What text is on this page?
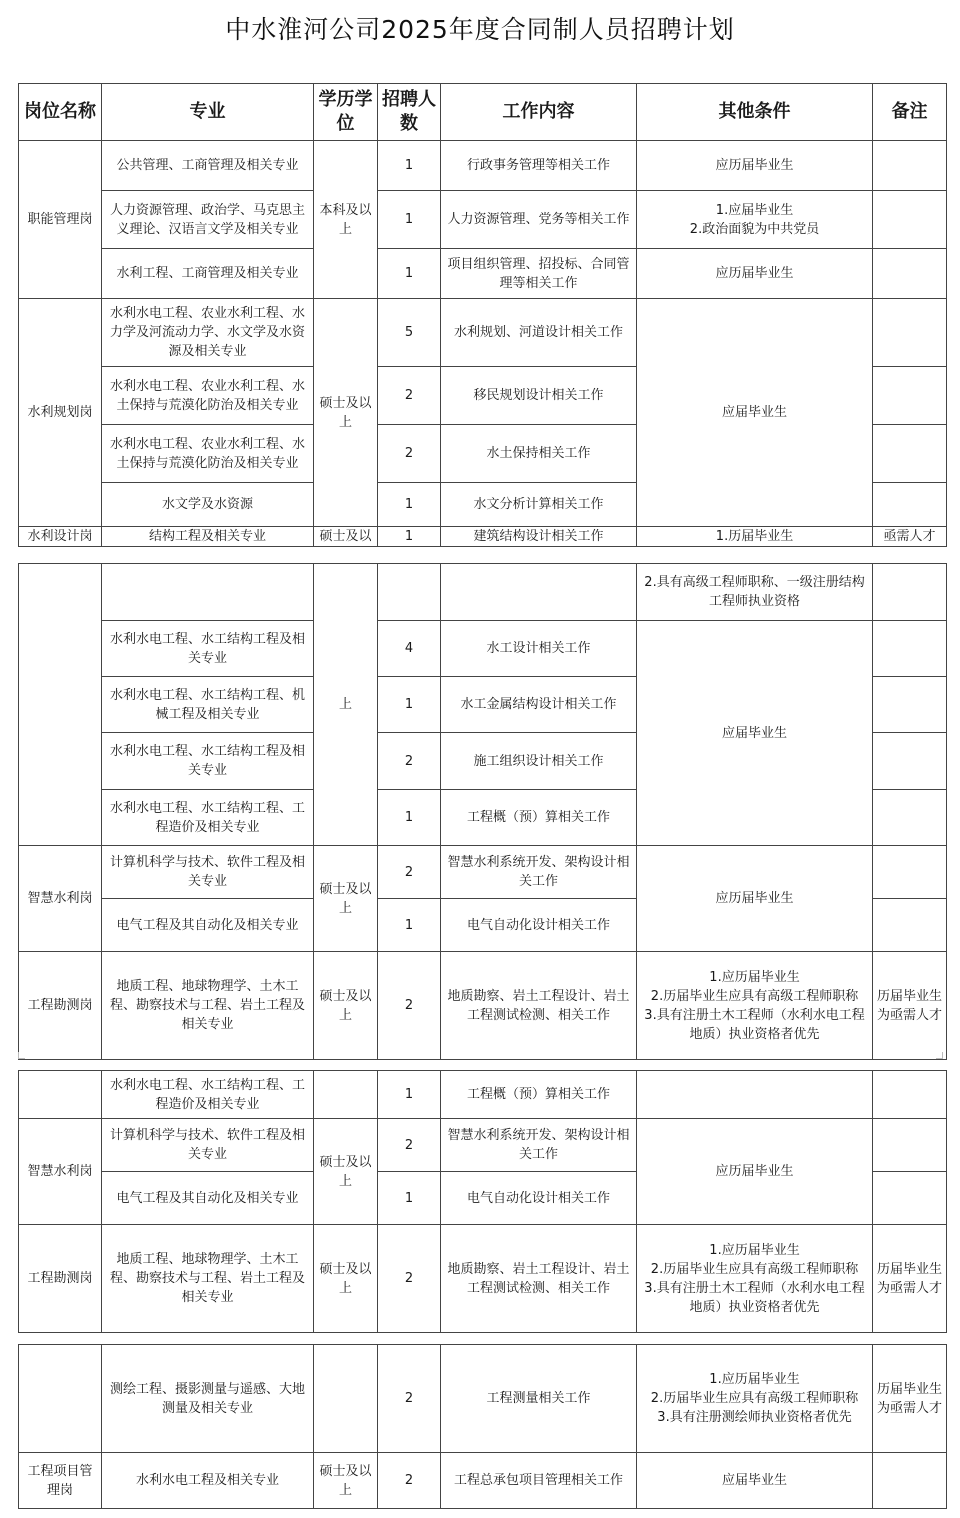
中水淮河公司2025年度合同制人员招聘计划
岗位名称	专业	学历学位	招聘人数	工作内容	其他条件	备注
职能管理岗	公共管理、工商管理及相关专业	本科及以上	1	行政事务管理等相关工作	应历届毕业生	
	人力资源管理、政治学、马克思主义理论、汉语言文学及相关专业		1	人力资源管理、党务等相关工作	1.应届毕业生
2.政治面貌为中共党员	
	水利工程、工商管理及相关专业		1	项目组织管理、招投标、合同管理等相关工作	应历届毕业生	
水利规划岗	水利水电工程、农业水利工程、水力学及河流动力学、水文学及水资源及相关专业	硕士及以上	5	水利规划、河道设计相关工作	应届毕业生	
	水利水电工程、农业水利工程、水土保持与荒漠化防治及相关专业		2	移民规划设计相关工作		
	水利水电工程、农业水利工程、水土保持与荒漠化防治及相关专业		2	水土保持相关工作		
	水文学及水资源		1	水文分析计算相关工作		
水利设计岗	结构工程及相关专业	硕士及以	1	建筑结构设计相关工作	1.历届毕业生	亟需人才
		上			2.具有高级工程师职称、一级注册结构工程师执业资格	
	水利水电工程、水工结构工程及相关专业		4	水工设计相关工作	应届毕业生	
	水利水电工程、水工结构工程、机械工程及相关专业		1	水工金属结构设计相关工作		
	水利水电工程、水工结构工程及相关专业		2	施工组织设计相关工作		
	水利水电工程、水工结构工程、工程造价及相关专业		1	工程概（预）算相关工作		
智慧水利岗	计算机科学与技术、软件工程及相关专业	硕士及以上	2	智慧水利系统开发、架构设计相关工作	应历届毕业生	
	电气工程及其自动化及相关专业		1	电气自动化设计相关工作		
工程勘测岗	地质工程、地球物理学、土木工程、勘察技术与工程、岩土工程及相关专业	硕士及以上	2	地质勘察、岩土工程设计、岩土工程测试检测、相关工作	1.应历届毕业生
2.历届毕业生应具有高级工程师职称
3.具有注册土木工程师（水利水电工程地质）执业资格者优先	历届毕业生为亟需人才
	水利水电工程、水工结构工程、工程造价及相关专业		1	工程概（预）算相关工作		
智慧水利岗	计算机科学与技术、软件工程及相关专业	硕士及以上	2	智慧水利系统开发、架构设计相关工作	应历届毕业生	
	电气工程及其自动化及相关专业		1	电气自动化设计相关工作		
工程勘测岗	地质工程、地球物理学、土木工程、勘察技术与工程、岩土工程及相关专业	硕士及以上	2	地质勘察、岩土工程设计、岩土工程测试检测、相关工作	1.应历届毕业生
2.历届毕业生应具有高级工程师职称
3.具有注册土木工程师（水利水电工程地质）执业资格者优先	历届毕业生为亟需人才
	测绘工程、摄影测量与遥感、大地测量及相关专业		2	工程测量相关工作	1.应历届毕业生
2.历届毕业生应具有高级工程师职称
3.具有注册测绘师执业资格者优先	历届毕业生为亟需人才
工程项目管理岗	水利水电工程及相关专业	硕士及以上	2	工程总承包项目管理相关工作	应届毕业生	
